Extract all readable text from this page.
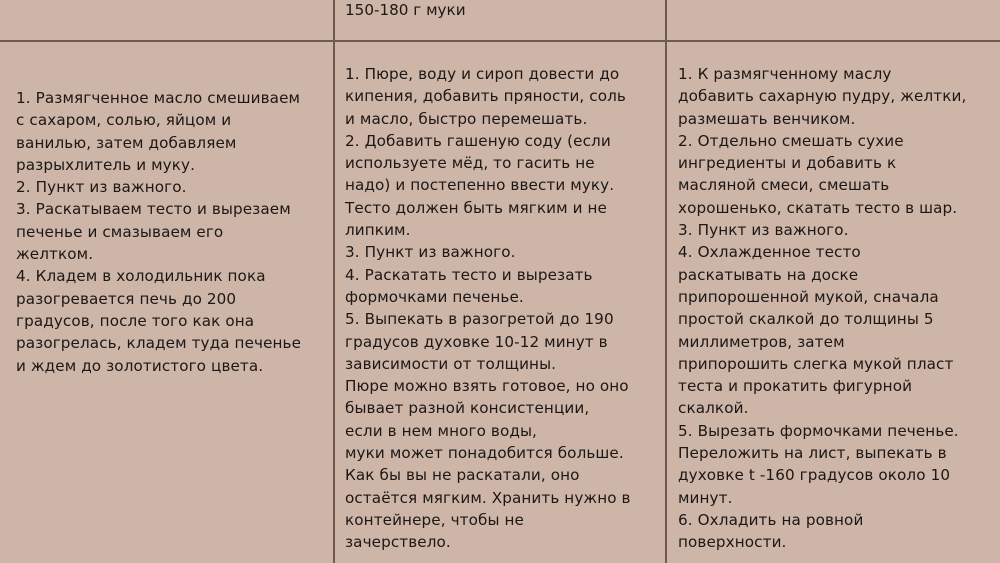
150-180 г муки
1. Размягченное масло смешиваем
с сахаром, солью, яйцом и
ванилью, затем добавляем
разрыхлитель и муку.
2. Пункт из важного.
3. Раскатываем тесто и вырезаем
печенье и смазываем его
желтком.
4. Кладем в холодильник пока
разогревается печь до 200
градусов, после того как она
разогрелась, кладем туда печенье
и ждем до золотистого цвета.
1. Пюре, воду и сироп довести до
кипения, добавить пряности, соль
и масло, быстро перемешать.
2. Добавить гашеную соду (если
используете мёд, то гасить не
надо) и постепенно ввести муку.
Тесто должен быть мягким и не
липким.
3. Пункт из важного.
4. Раскатать тесто и вырезать
формочками печенье.
5. Выпекать в разогретой до 190
градусов духовке 10-12 минут в
зависимости от толщины.
Пюре можно взять готовое, но оно
бывает разной консистенции,
если в нем много воды,
муки может понадобится больше.
Как бы вы не раскатали, оно
остаётся мягким. Хранить нужно в
контейнере, чтобы не
зачерствело.
1. К размягченному маслу
добавить сахарную пудру, желтки,
размешать венчиком.
2. Отдельно смешать сухие
ингредиенты и добавить к
масляной смеси, смешать
хорошенько, скатать тесто в шар.
3. Пункт из важного.
4. Охлажденное тесто
раскатывать на доске
припорошенной мукой, сначала
простой скалкой до толщины 5
миллиметров, затем
припорошить слегка мукой пласт
теста и прокатить фигурной
скалкой.
5. Вырезать формочками печенье.
Переложить на лист, выпекать в
духовке t -160 градусов около 10
минут.
6. Охладить на ровной
поверхности.
